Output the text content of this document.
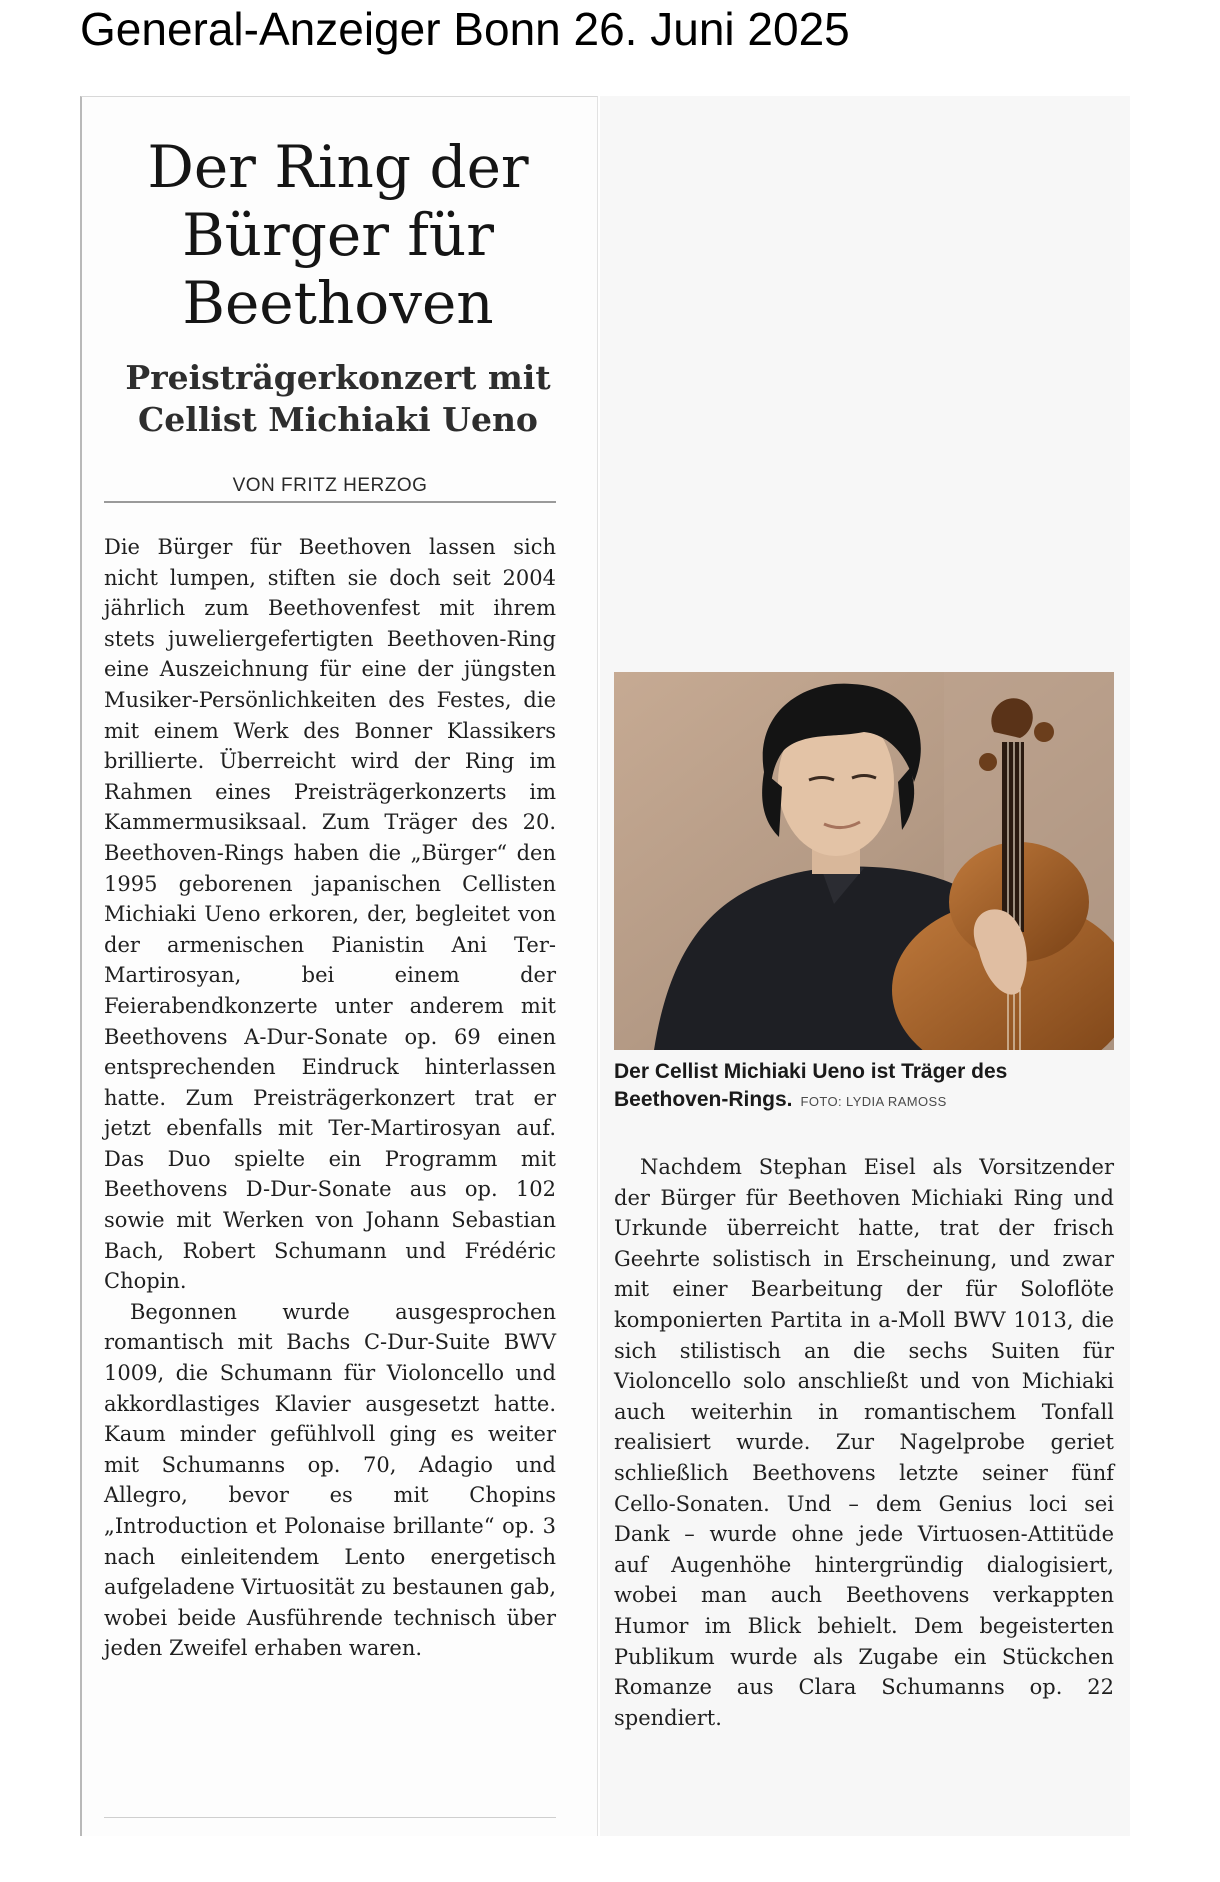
General-Anzeiger Bonn 26. Juni 2025
Der Ring der
Bürger für
Beethoven
Preisträgerkonzert mit
Cellist Michiaki Ueno
VON FRITZ HERZOG

Die Bürger für Beethoven lassen sich nicht lumpen, stiften sie doch seit 2004 jährlich zum Beethovenfest mit ihrem stets juweliergefertigten Beethoven-Ring eine Auszeichnung für eine der jüngsten Musiker-Persönlichkeiten des Festes, die mit einem Werk des Bonner Klassikers brillierte. Überreicht wird der Ring im Rahmen eines Preisträgerkonzerts im Kammermusiksaal. Zum Träger des 20. Beethoven-Rings haben die „Bürger“ den 1995 geborenen japanischen Cellisten Michiaki Ueno erkoren, der, begleitet von der armenischen Pianistin Ani Ter-Martirosyan, bei einem der Feierabendkonzerte unter anderem mit Beethovens A-Dur-Sonate op. 69 einen entsprechenden Eindruck hinterlassen hatte. Zum Preisträgerkonzert trat er jetzt ebenfalls mit Ter-Martirosyan auf. Das Duo spielte ein Programm mit Beethovens D-Dur-Sonate aus op. 102 sowie mit Werken von Johann Sebastian Bach, Robert Schumann und Frédéric Chopin.

Begonnen wurde ausgesprochen romantisch mit Bachs C-Dur-Suite BWV 1009, die Schumann für Violoncello und akkordlastiges Klavier ausgesetzt hatte. Kaum minder gefühlvoll ging es weiter mit Schumanns op. 70, Adagio und Allegro, bevor es mit Chopins „Introduction et Polonaise brillante“ op. 3 nach einleitendem Lento energetisch aufgeladene Virtuosität zu bestaunen gab, wobei beide Ausführende technisch über jeden Zweifel erhaben waren.

Der Cellist Michiaki Ueno ist Träger des Beethoven-Rings. FOTO: LYDIA RAMOSS

Nachdem Stephan Eisel als Vorsitzender der Bürger für Beethoven Michiaki Ring und Urkunde überreicht hatte, trat der frisch Geehrte solistisch in Erscheinung, und zwar mit einer Bearbeitung der für Soloflöte komponierten Partita in a-Moll BWV 1013, die sich stilistisch an die sechs Suiten für Violoncello solo anschließt und von Michiaki auch weiterhin in romantischem Tonfall realisiert wurde. Zur Nagelprobe geriet schließlich Beethovens letzte seiner fünf Cello-Sonaten. Und – dem Genius loci sei Dank – wurde ohne jede Virtuosen-Attitüde auf Augenhöhe hintergründig dialogisiert, wobei man auch Beethovens verkappten Humor im Blick behielt. Dem begeisterten Publikum wurde als Zugabe ein Stückchen Romanze aus Clara Schumanns op. 22 spendiert.
